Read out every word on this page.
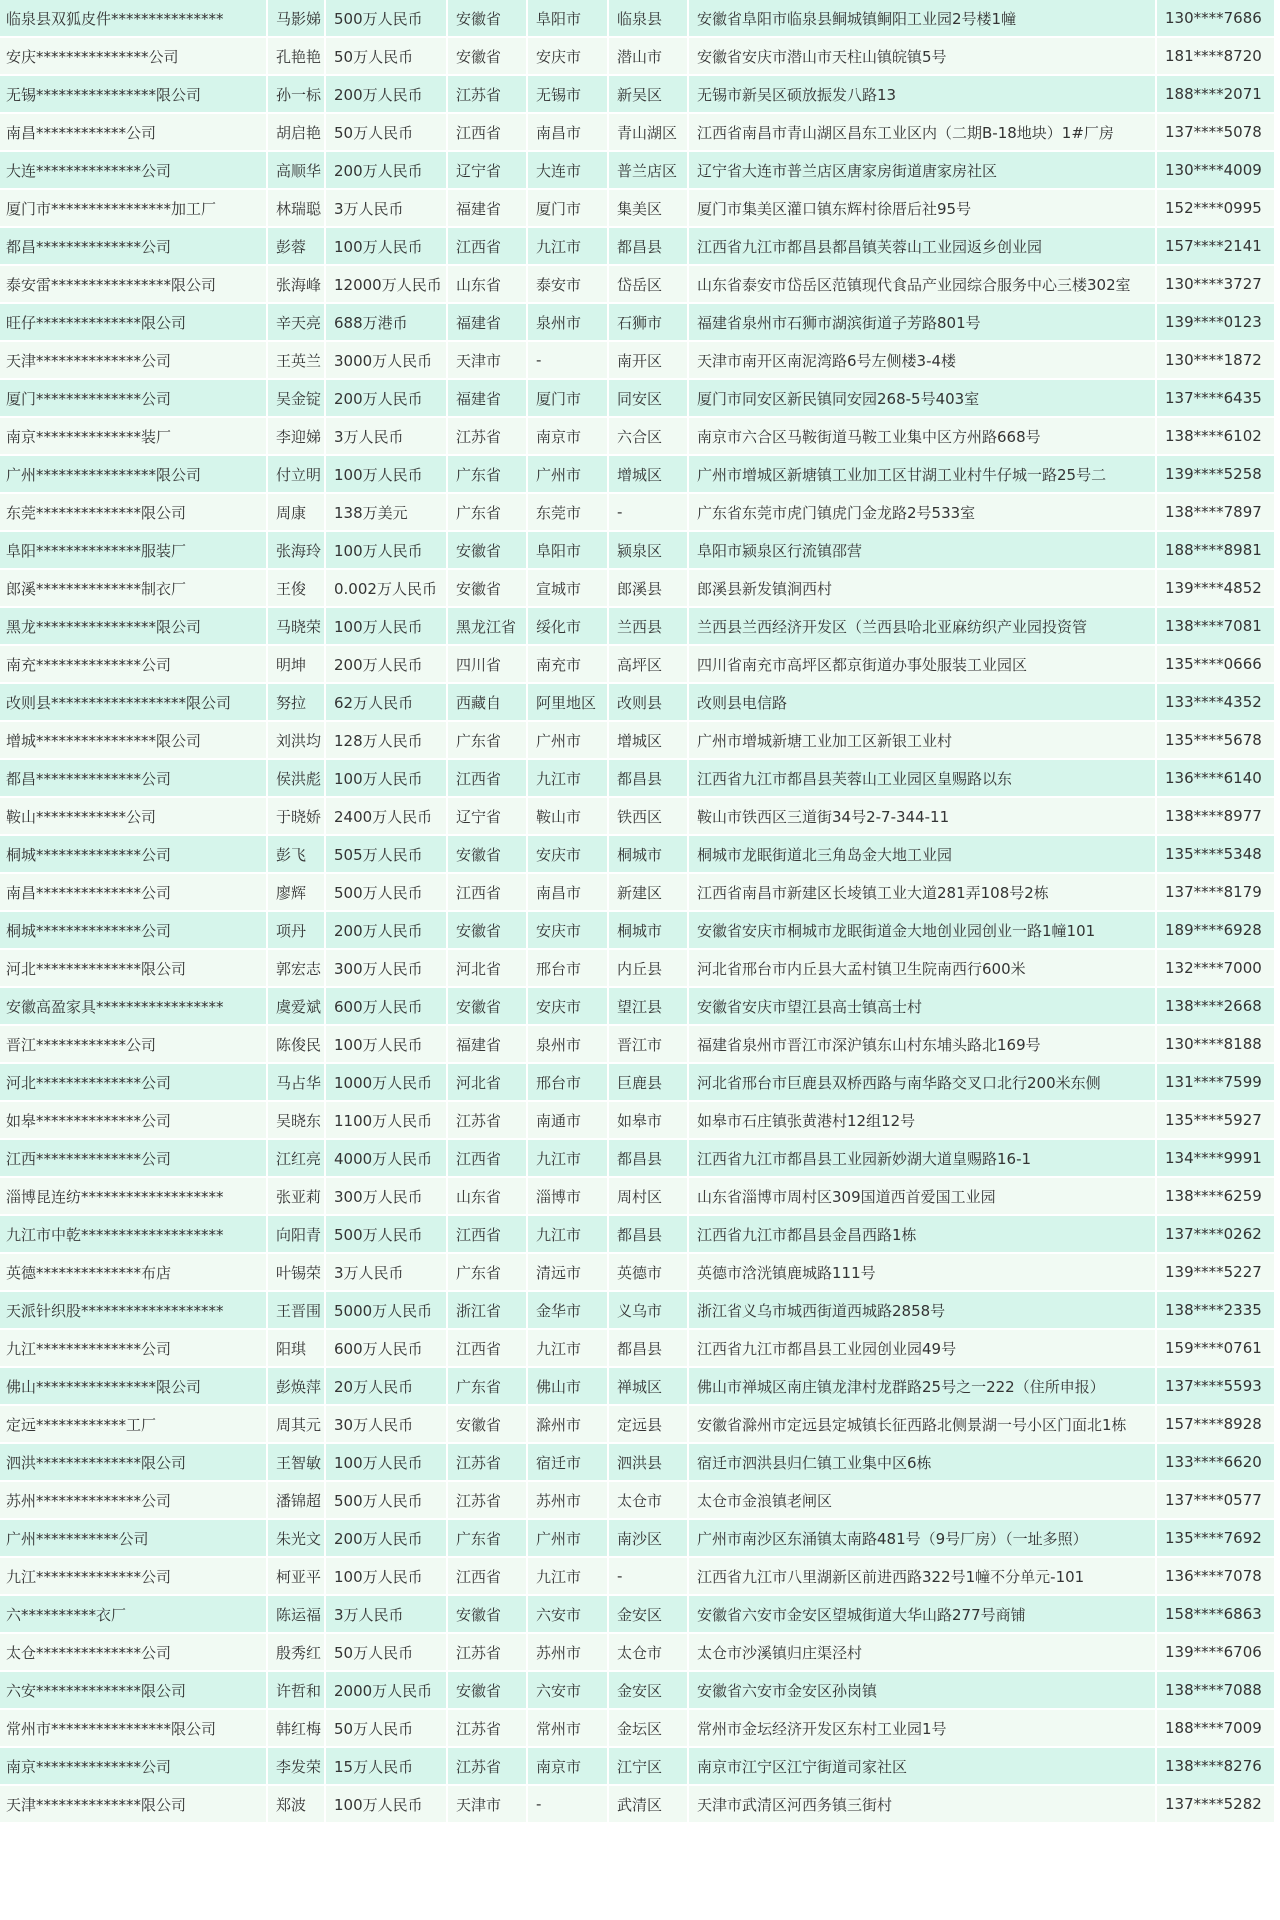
临泉县双狐皮件***************	马影娣	500万人民币	安徽省	阜阳市	临泉县	安徽省阜阳市临泉县鲖城镇鲖阳工业园2号楼1幢	130****7686
安庆***************公司	孔艳艳	50万人民币	安徽省	安庆市	潜山市	安徽省安庆市潜山市天柱山镇皖镇5号	181****8720
无锡****************限公司	孙一标	200万人民币	江苏省	无锡市	新吴区	无锡市新吴区硕放振发八路13	188****2071
南昌************公司	胡启艳	50万人民币	江西省	南昌市	青山湖区	江西省南昌市青山湖区昌东工业区内（二期B-18地块）1#厂房	137****5078
大连**************公司	高顺华	200万人民币	辽宁省	大连市	普兰店区	辽宁省大连市普兰店区唐家房街道唐家房社区	130****4009
厦门市****************加工厂	林瑞聪	3万人民币	福建省	厦门市	集美区	厦门市集美区灌口镇东辉村徐厝后社95号	152****0995
都昌**************公司	彭蓉	100万人民币	江西省	九江市	都昌县	江西省九江市都昌县都昌镇芙蓉山工业园返乡创业园	157****2141
泰安雷****************限公司	张海峰	12000万人民币	山东省	泰安市	岱岳区	山东省泰安市岱岳区范镇现代食品产业园综合服务中心三楼302室	130****3727
旺仔**************限公司	辛天亮	688万港币	福建省	泉州市	石狮市	福建省泉州市石狮市湖滨街道子芳路801号	139****0123
天津**************公司	王英兰	3000万人民币	天津市	-	南开区	天津市南开区南泥湾路6号左侧楼3-4楼	130****1872
厦门**************公司	吴金锭	200万人民币	福建省	厦门市	同安区	厦门市同安区新民镇同安园268-5号403室	137****6435
南京**************装厂	李迎娣	3万人民币	江苏省	南京市	六合区	南京市六合区马鞍街道马鞍工业集中区方州路668号	138****6102
广州****************限公司	付立明	100万人民币	广东省	广州市	增城区	广州市增城区新塘镇工业加工区甘湖工业村牛仔城一路25号二	139****5258
东莞**************限公司	周康	138万美元	广东省	东莞市	-	广东省东莞市虎门镇虎门金龙路2号533室	138****7897
阜阳**************服装厂	张海玲	100万人民币	安徽省	阜阳市	颍泉区	阜阳市颍泉区行流镇邵营	188****8981
郎溪**************制衣厂	王俊	0.002万人民币	安徽省	宣城市	郎溪县	郎溪县新发镇涧西村	139****4852
黑龙****************限公司	马晓荣	100万人民币	黑龙江省	绥化市	兰西县	兰西县兰西经济开发区（兰西县哈北亚麻纺织产业园投资管	138****7081
南充**************公司	明坤	200万人民币	四川省	南充市	高坪区	四川省南充市高坪区都京街道办事处服装工业园区	135****0666
改则县******************限公司	努拉	62万人民币	西藏自	阿里地区	改则县	改则县电信路	133****4352
增城****************限公司	刘洪均	128万人民币	广东省	广州市	增城区	广州市增城新塘工业加工区新银工业村	135****5678
都昌**************公司	侯洪彪	100万人民币	江西省	九江市	都昌县	江西省九江市都昌县芙蓉山工业园区皇赐路以东	136****6140
鞍山************公司	于晓娇	2400万人民币	辽宁省	鞍山市	铁西区	鞍山市铁西区三道街34号2-7-344-11	138****8977
桐城**************公司	彭飞	505万人民币	安徽省	安庆市	桐城市	桐城市龙眠街道北三角岛金大地工业园	135****5348
南昌**************公司	廖辉	500万人民币	江西省	南昌市	新建区	江西省南昌市新建区长堎镇工业大道281弄108号2栋	137****8179
桐城**************公司	项丹	200万人民币	安徽省	安庆市	桐城市	安徽省安庆市桐城市龙眠街道金大地创业园创业一路1幢101	189****6928
河北**************限公司	郭宏志	300万人民币	河北省	邢台市	内丘县	河北省邢台市内丘县大孟村镇卫生院南西行600米	132****7000
安徽高盈家具*****************	虞爱斌	600万人民币	安徽省	安庆市	望江县	安徽省安庆市望江县高士镇高士村	138****2668
晋江************公司	陈俊民	100万人民币	福建省	泉州市	晋江市	福建省泉州市晋江市深沪镇东山村东埔头路北169号	130****8188
河北**************公司	马占华	1000万人民币	河北省	邢台市	巨鹿县	河北省邢台市巨鹿县双桥西路与南华路交叉口北行200米东侧	131****7599
如皋**************公司	吴晓东	1100万人民币	江苏省	南通市	如皋市	如皋市石庄镇张黄港村12组12号	135****5927
江西**************公司	江红亮	4000万人民币	江西省	九江市	都昌县	江西省九江市都昌县工业园新妙湖大道皇赐路16-1	134****9991
淄博昆连纺*******************	张亚莉	300万人民币	山东省	淄博市	周村区	山东省淄博市周村区309国道西首爱国工业园	138****6259
九江市中乾*******************	向阳青	500万人民币	江西省	九江市	都昌县	江西省九江市都昌县金昌西路1栋	137****0262
英德**************布店	叶锡荣	3万人民币	广东省	清远市	英德市	英德市浛洸镇鹿城路111号	139****5227
天派针织股*******************	王晋围	5000万人民币	浙江省	金华市	义乌市	浙江省义乌市城西街道西城路2858号	138****2335
九江**************公司	阳琪	600万人民币	江西省	九江市	都昌县	江西省九江市都昌县工业园创业园49号	159****0761
佛山****************限公司	彭焕萍	20万人民币	广东省	佛山市	禅城区	佛山市禅城区南庄镇龙津村龙群路25号之一222（住所申报）	137****5593
定远************工厂	周其元	30万人民币	安徽省	滁州市	定远县	安徽省滁州市定远县定城镇长征西路北侧景湖一号小区门面北1栋	157****8928
泗洪**************限公司	王智敏	100万人民币	江苏省	宿迁市	泗洪县	宿迁市泗洪县归仁镇工业集中区6栋	133****6620
苏州**************公司	潘锦超	500万人民币	江苏省	苏州市	太仓市	太仓市金浪镇老闸区	137****0577
广州***********公司	朱光文	200万人民币	广东省	广州市	南沙区	广州市南沙区东涌镇太南路481号（9号厂房）（一址多照）	135****7692
九江**************公司	柯亚平	100万人民币	江西省	九江市	-	江西省九江市八里湖新区前进西路322号1幢不分单元-101	136****7078
六**********衣厂	陈运福	3万人民币	安徽省	六安市	金安区	安徽省六安市金安区望城街道大华山路277号商铺	158****6863
太仓**************公司	殷秀红	50万人民币	江苏省	苏州市	太仓市	太仓市沙溪镇归庄渠泾村	139****6706
六安**************限公司	许哲和	2000万人民币	安徽省	六安市	金安区	安徽省六安市金安区孙岗镇	138****7088
常州市****************限公司	韩红梅	50万人民币	江苏省	常州市	金坛区	常州市金坛经济开发区东村工业园1号	188****7009
南京**************公司	李发荣	15万人民币	江苏省	南京市	江宁区	南京市江宁区江宁街道司家社区	138****8276
天津**************限公司	郑波	100万人民币	天津市	-	武清区	天津市武清区河西务镇三街村	137****5282
